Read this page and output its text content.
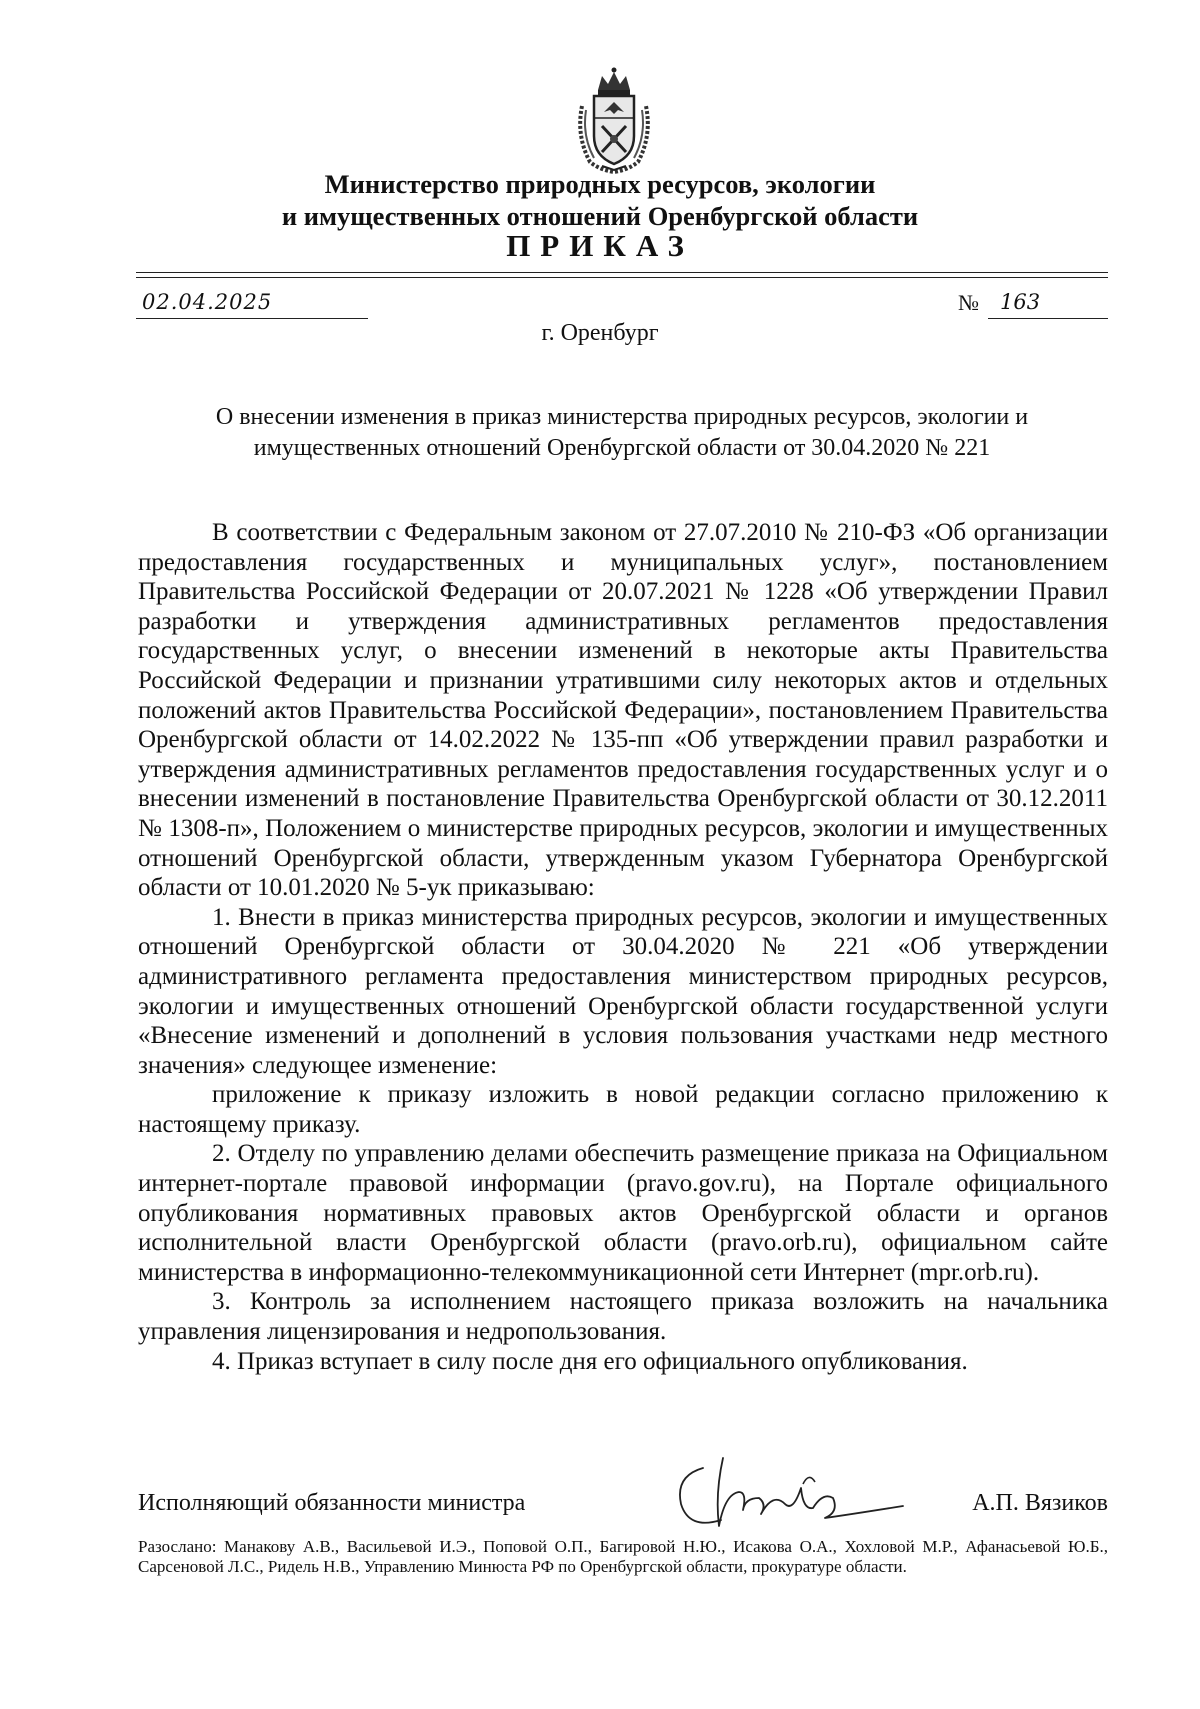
Министерство природных ресурсов, экологии
и имущественных отношений Оренбургской области
ПРИКАЗ
02.04.2025	№ 163
г. Оренбург
О внесении изменения в приказ министерства природных ресурсов, экологии и имущественных отношений Оренбургской области от 30.04.2020 № 221

В соответствии с Федеральным законом от 27.07.2010 № 210-ФЗ «Об организации предоставления государственных и муниципальных услуг», постановлением Правительства Российской Федерации от 20.07.2021 № 1228 «Об утверждении Правил разработки и утверждения административных регламентов предоставления государственных услуг, о внесении изменений в некоторые акты Правительства Российской Федерации и признании утратившими силу некоторых актов и отдельных положений актов Правительства Российской Федерации», постановлением Правительства Оренбургской области от 14.02.2022 № 135-пп «Об утверждении правил разработки и утверждения административных регламентов предоставления государственных услуг и о внесении изменений в постановление Правительства Оренбургской области от 30.12.2011 № 1308-п», Положением о министерстве природных ресурсов, экологии и имущественных отношений Оренбургской области, утвержденным указом Губернатора Оренбургской области от 10.01.2020 № 5-ук приказываю:

1. Внести в приказ министерства природных ресурсов, экологии и имущественных отношений Оренбургской области от 30.04.2020 № 221 «Об утверждении административного регламента предоставления министерством природных ресурсов, экологии и имущественных отношений Оренбургской области государственной услуги «Внесение изменений и дополнений в условия пользования участками недр местного значения» следующее изменение:

приложение к приказу изложить в новой редакции согласно приложению к настоящему приказу.

2. Отделу по управлению делами обеспечить размещение приказа на Официальном интернет-портале правовой информации (pravo.gov.ru), на Портале официального опубликования нормативных правовых актов Оренбургской области и органов исполнительной власти Оренбургской области (pravo.orb.ru), официальном сайте министерства в информационно-телекоммуникационной сети Интернет (mpr.orb.ru).

3. Контроль за исполнением настоящего приказа возложить на начальника управления лицензирования и недропользования.

4. Приказ вступает в силу после дня его официального опубликования.

Исполняющий обязанности министра	А.П. Вязиков
Разослано: Манакову А.В., Васильевой И.Э., Поповой О.П., Багировой Н.Ю., Исакова О.А., Хохловой М.Р., Афанасьевой Ю.Б., Сарсеновой Л.С., Ридель Н.В., Управлению Минюста РФ по Оренбургской области, прокуратуре области.
